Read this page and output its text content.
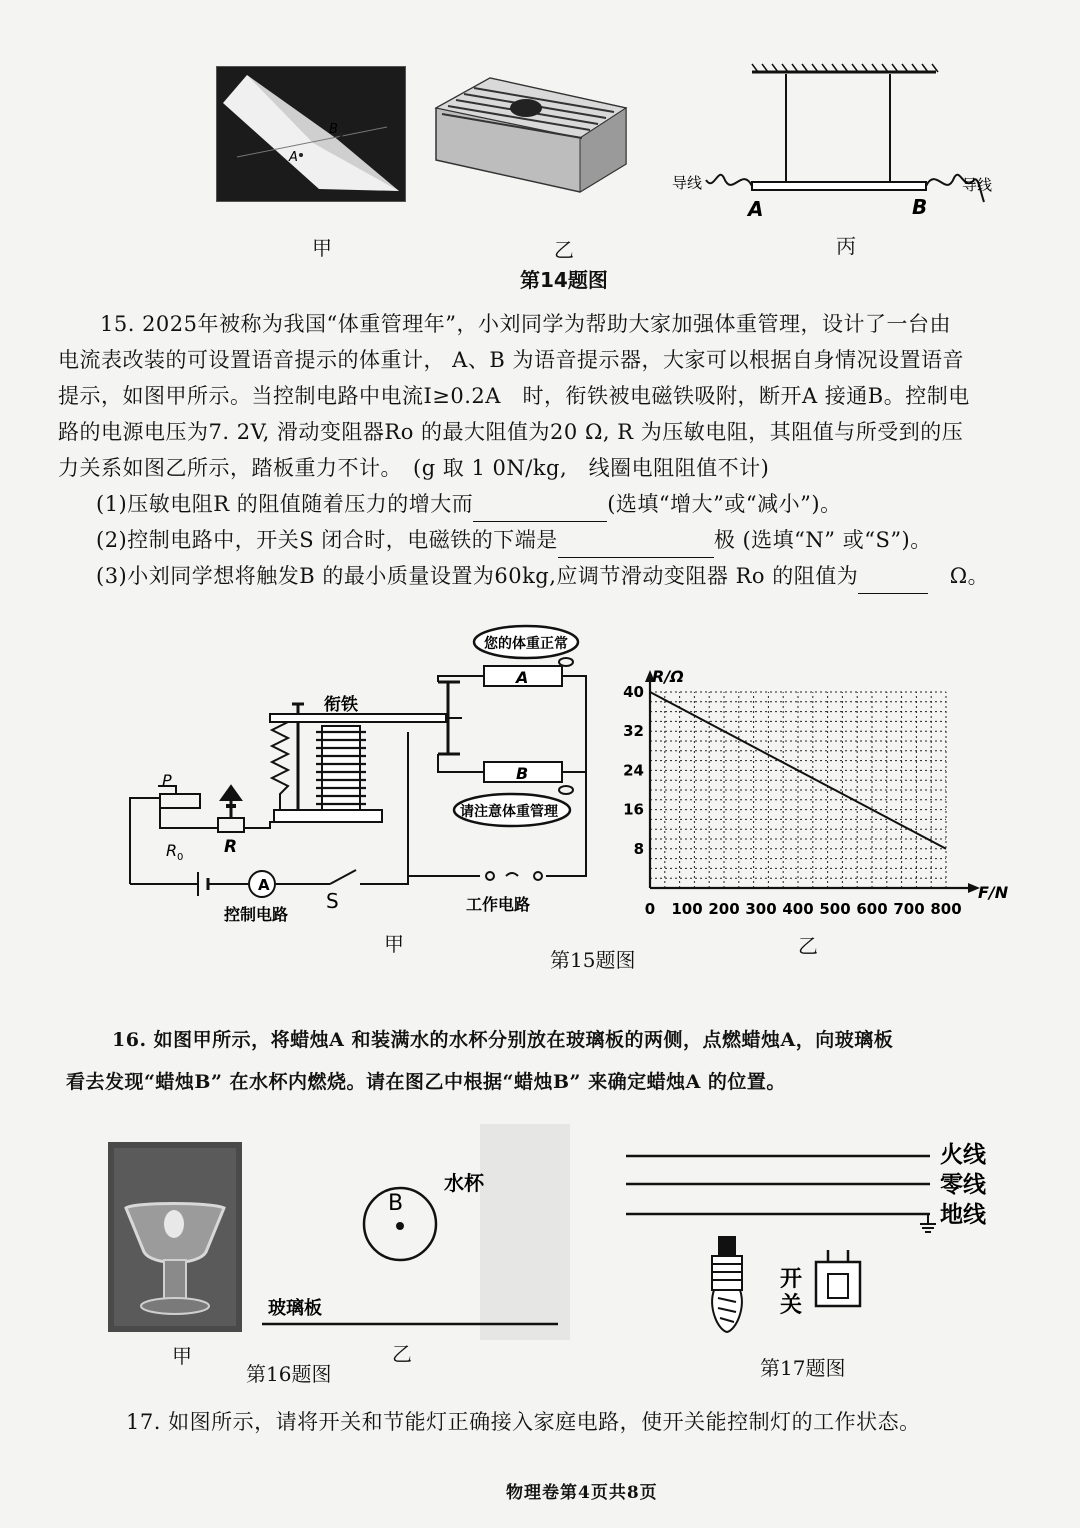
B
A
甲	乙
导线	导线
A	B
丙
第14题图
15. 2025年被称为我国“体重管理年”，小刘同学为帮助大家加强体重管理，设计了一台由
电流表改装的可设置语音提示的体重计， A、B 为语音提示器，大家可以根据自身情况设置语音
提示，如图甲所示。当控制电路中电流I≥0.2A　时，衔铁被电磁铁吸附，断开A 接通B。控制电
路的电源电压为7. 2V, 滑动变阻器Ro 的最大阻值为20 Ω, R 为压敏电阻，其阻值与所受到的压
力关系如图乙所示，踏板重力不计。　(g 取 1 0N/kg,　线圈电阻阻值不计)
(1)压敏电阻R 的阻值随着压力的增大而	(选填“增大”或“减小”)。
(2)控制电路中，开关S 闭合时，电磁铁的下端是	极 (选填“N” 或“S”)。
(3)小刘同学想将触发B 的最小质量设置为60kg,应调节滑动变阻器 Ro 的阻值为	Ω。
A
A
B
您的体重正常
请注意体重管理
衔铁
P
R 0
R
S
控制电路
工作电路
甲
0 100 200 300 400 500 600 700 800
8
16
24
32
40
R/Ω
F/N
乙
第15题图
16. 如图甲所示，将蜡烛A 和装满水的水杯分别放在玻璃板的两侧，点燃蜡烛A，向玻璃板
看去发现“蜡烛B” 在水杯内燃烧。请在图乙中根据“蜡烛B” 来确定蜡烛A 的位置。
甲
B
水杯
玻璃板
乙
第16题图
火线
零线
地线
开
关
第17题图
17. 如图所示，请将开关和节能灯正确接入家庭电路，使开关能控制灯的工作状态。
物理卷第4页共8页
